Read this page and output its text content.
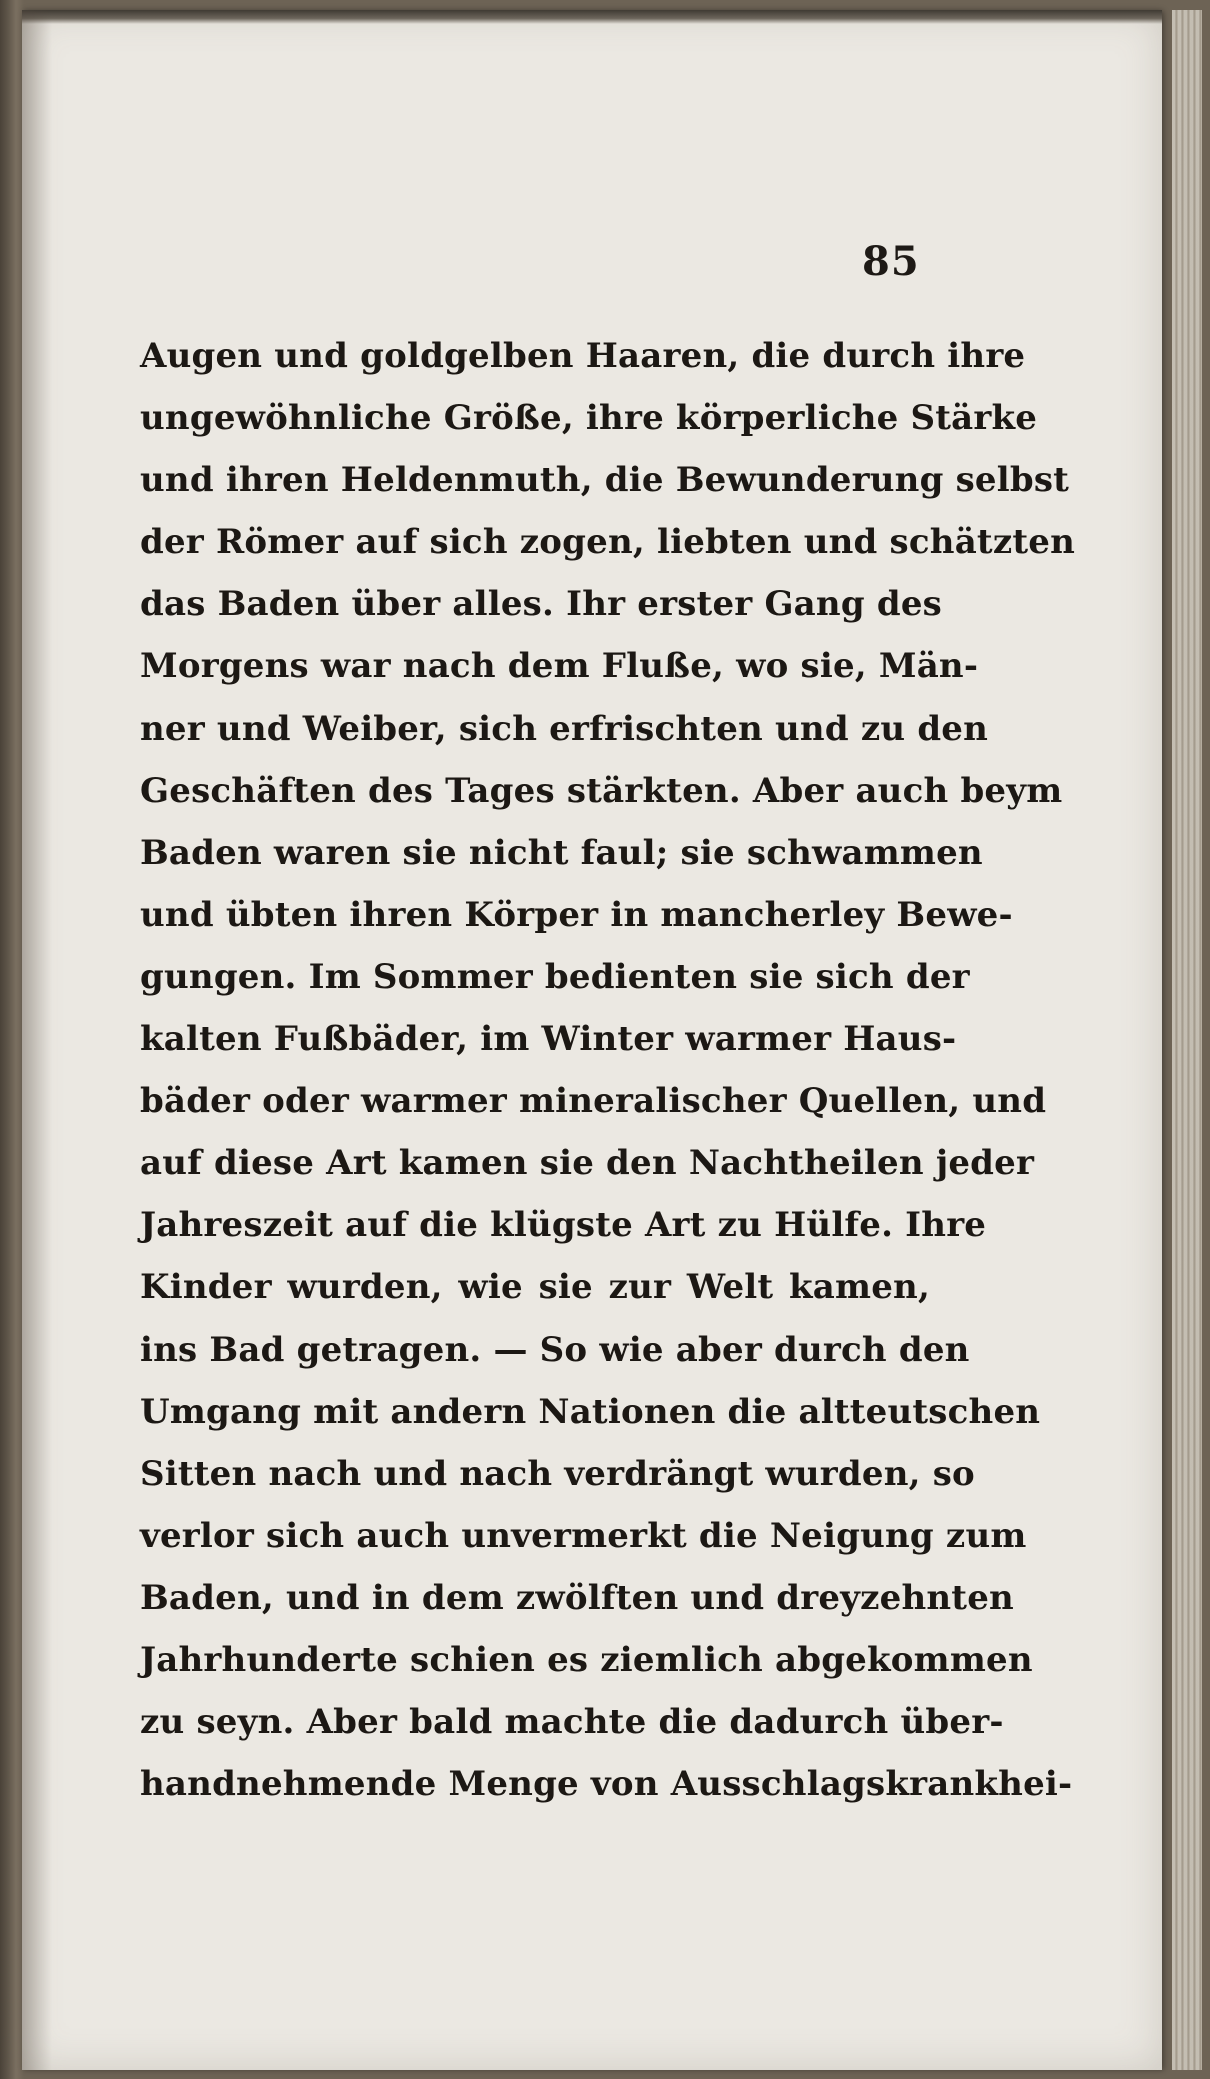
85
Augen und goldgelben Haaren, die durch ihre
ungewöhnliche Größe, ihre körperliche Stärke
und ihren Heldenmuth, die Bewunderung selbst
der Römer auf sich zogen, liebten und schätzten
das Baden über alles. Ihr erster Gang des
Morgens war nach dem Fluße, wo sie, Män-
ner und Weiber, sich erfrischten und zu den
Geschäften des Tages stärkten. Aber auch beym
Baden waren sie nicht faul; sie schwammen
und übten ihren Körper in mancherley Bewe-
gungen. Im Sommer bedienten sie sich der
kalten Fußbäder, im Winter warmer Haus-
bäder oder warmer mineralischer Quellen, und
auf diese Art kamen sie den Nachtheilen jeder
Jahreszeit auf die klügste Art zu Hülfe. Ihre
Kinder wurden, wie sie zur Welt kamen,
ins Bad getragen. — So wie aber durch den
Umgang mit andern Nationen die altteutschen
Sitten nach und nach verdrängt wurden, so
verlor sich auch unvermerkt die Neigung zum
Baden, und in dem zwölften und dreyzehnten
Jahrhunderte schien es ziemlich abgekommen
zu seyn. Aber bald machte die dadurch über-
handnehmende Menge von Ausschlagskrankhei-
